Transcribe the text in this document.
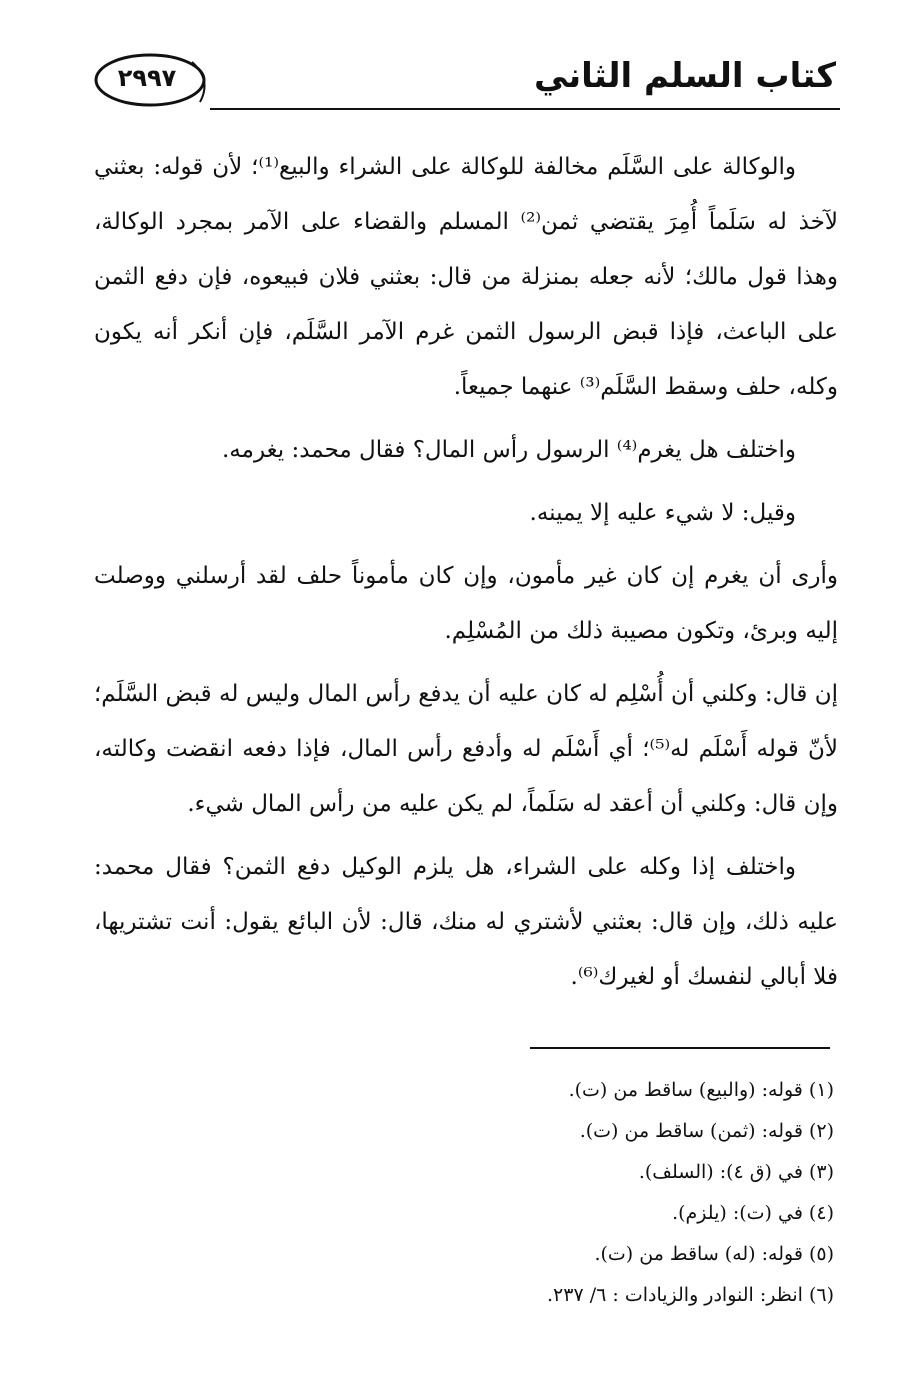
٢٩٩٧	كتاب السلم الثاني

والوكالة على السَّلَم مخالفة للوكالة على الشراء والبيع⁽¹⁾؛ لأن قوله: بعثني لآخذ له سَلَماً أُمِرَ يقتضي ثمن⁽²⁾ المسلم والقضاء على الآمر بمجرد الوكالة، وهذا قول مالك؛ لأنه جعله بمنزلة من قال: بعثني فلان فبيعوه، فإن دفع الثمن على الباعث، فإذا قبض الرسول الثمن غرم الآمر السَّلَم، فإن أنكر أنه يكون وكله، حلف وسقط السَّلَم⁽³⁾ عنهما جميعاً.

واختلف هل يغرم⁽⁴⁾ الرسول رأس المال؟ فقال محمد: يغرمه.

وقيل: لا شيء عليه إلا يمينه.

وأرى أن يغرم إن كان غير مأمون، وإن كان مأموناً حلف لقد أرسلني ووصلت إليه وبرئ، وتكون مصيبة ذلك من المُسْلِم.

إن قال: وكلني أن أُسْلِم له كان عليه أن يدفع رأس المال وليس له قبض السَّلَم؛ لأنّ قوله أَسْلَم له⁽⁵⁾؛ أي أَسْلَم له وأدفع رأس المال، فإذا دفعه انقضت وكالته، وإن قال: وكلني أن أعقد له سَلَماً، لم يكن عليه من رأس المال شيء.

واختلف إذا وكله على الشراء، هل يلزم الوكيل دفع الثمن؟ فقال محمد: عليه ذلك، وإن قال: بعثني لأشتري له منك، قال: لأن البائع يقول: أنت تشتريها، فلا أبالي لنفسك أو لغيرك⁽⁶⁾.

(١) قوله: (والبيع) ساقط من (ت).
(٢) قوله: (ثمن) ساقط من (ت).
(٣) في (ق ٤): (السلف).
(٤) في (ت): (يلزم).
(٥) قوله: (له) ساقط من (ت).
(٦) انظر: النوادر والزيادات : ٦/ ٢٣٧.
